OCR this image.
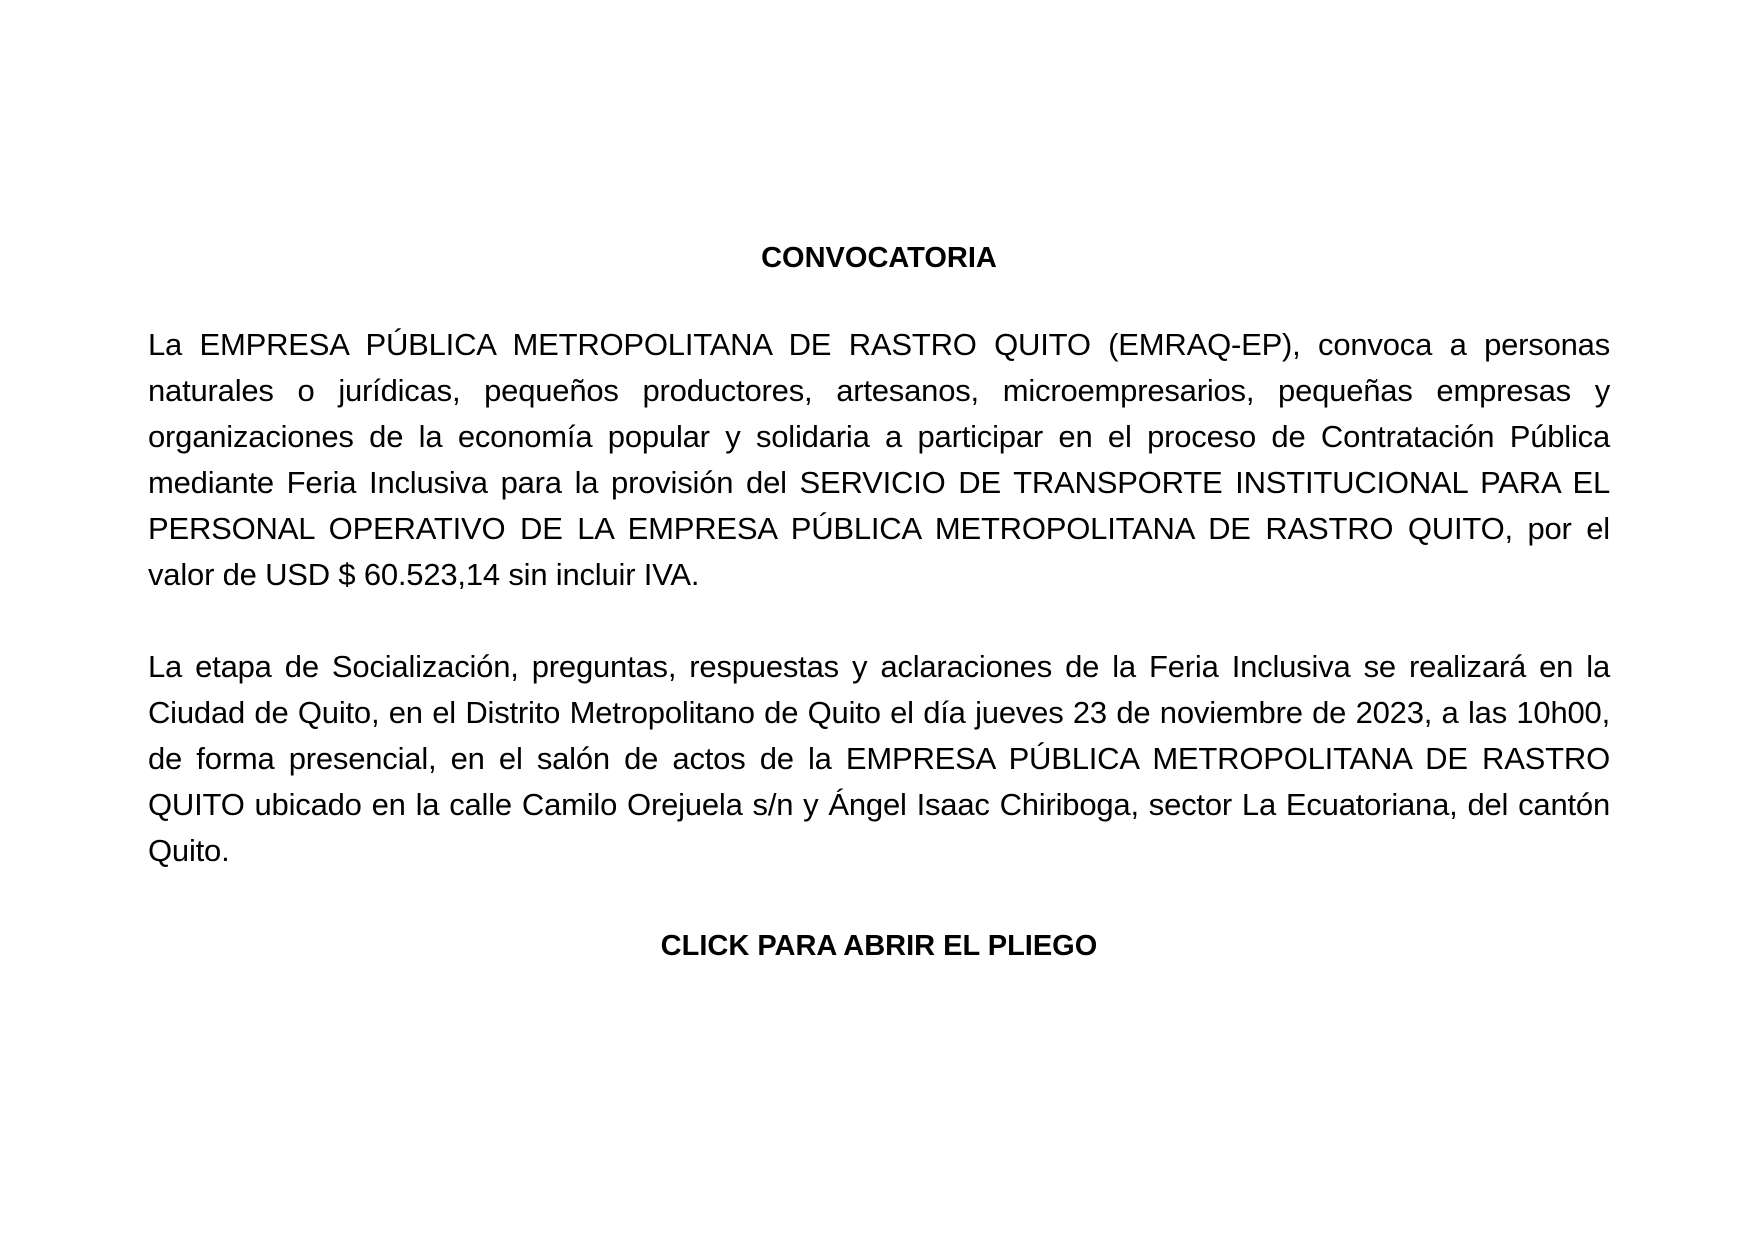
CONVOCATORIA

La EMPRESA PÚBLICA METROPOLITANA DE RASTRO QUITO (EMRAQ-EP), convoca a personas naturales o jurídicas, pequeños productores, artesanos, microempresarios, pequeñas empresas y organizaciones de la economía popular y solidaria a participar en el proceso de Contratación Pública mediante Feria Inclusiva para la provisión del SERVICIO DE TRANSPORTE INSTITUCIONAL PARA EL PERSONAL OPERATIVO DE LA EMPRESA PÚBLICA METROPOLITANA DE RASTRO QUITO, por el valor de USD $ 60.523,14 sin incluir IVA.

La etapa de Socialización, preguntas, respuestas y aclaraciones de la Feria Inclusiva se realizará en la Ciudad de Quito, en el Distrito Metropolitano de Quito el día jueves 23 de noviembre de 2023, a las 10h00, de forma presencial, en el salón de actos de la EMPRESA PÚBLICA METROPOLITANA DE RASTRO QUITO ubicado en la calle Camilo Orejuela s/n y Ángel Isaac Chiriboga, sector La Ecuatoriana, del cantón Quito.

CLICK PARA ABRIR EL PLIEGO
